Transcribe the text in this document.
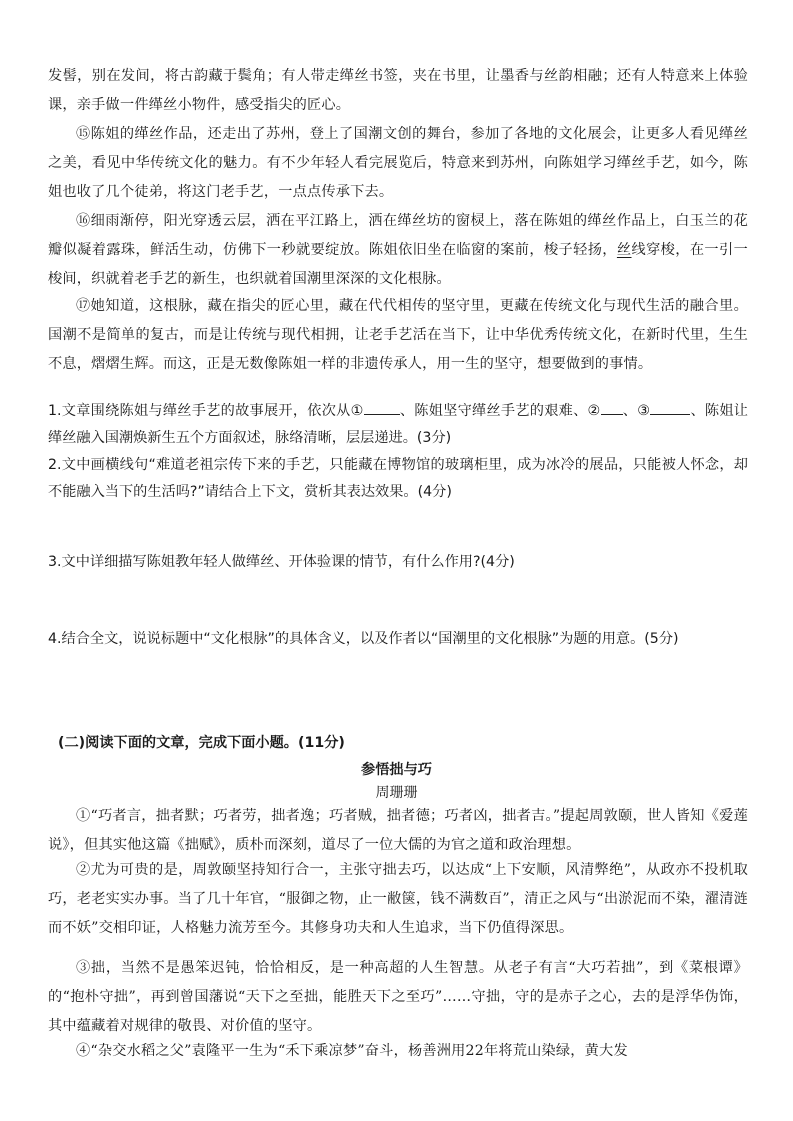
发髻，别在发间，将古韵藏于鬓角；有人带走缂丝书签，夹在书里，让墨香与丝韵相融；还有人特意来上体验课，亲手做一件缂丝小物件，感受指尖的匠心。

⑮陈姐的缂丝作品，还走出了苏州，登上了国潮文创的舞台，参加了各地的文化展会，让更多人看见缂丝之美，看见中华传统文化的魅力。有不少年轻人看完展览后，特意来到苏州，向陈姐学习缂丝手艺，如今，陈姐也收了几个徒弟，将这门老手艺，一点点传承下去。

⑯细雨渐停，阳光穿透云层，洒在平江路上，洒在缂丝坊的窗棂上，落在陈姐的缂丝作品上，白玉兰的花瓣似凝着露珠，鲜活生动，仿佛下一秒就要绽放。陈姐依旧坐在临窗的案前，梭子轻扬，丝线穿梭，在一引一梭间，织就着老手艺的新生，也织就着国潮里深深的文化根脉。

⑰她知道，这根脉，藏在指尖的匠心里，藏在代代相传的坚守里，更藏在传统文化与现代生活的融合里。国潮不是简单的复古，而是让传统与现代相拥，让老手艺活在当下，让中华优秀传统文化，在新时代里，生生不息，熠熠生辉。而这，正是无数像陈姐一样的非遗传承人，用一生的坚守，想要做到的事情。

1.文章围绕陈姐与缂丝手艺的故事展开，依次从①	、陈姐坚守缂丝手艺的艰难、② 、③	、陈姐让缂丝融入国潮焕新生五个方面叙述，脉络清晰，层层递进。(3分)

2.文中画横线句“难道老祖宗传下来的手艺，只能藏在博物馆的玻璃柜里，成为冰冷的展品，只能被人怀念，却不能融入当下的生活吗?”请结合上下文，赏析其表达效果。(4分)

3.文中详细描写陈姐教年轻人做缂丝、开体验课的情节，有什么作用?(4分)

4.结合全文，说说标题中“文化根脉”的具体含义，以及作者以“国潮里的文化根脉”为题的用意。(5分)

(二)阅读下面的文章，完成下面小题。(11分)
参悟拙与巧
周珊珊

①“巧者言，拙者默；巧者劳，拙者逸；巧者贼，拙者德；巧者凶，拙者吉。”提起周敦颐，世人皆知《爱莲说》，但其实他这篇《拙赋》，质朴而深刻，道尽了一位大儒的为官之道和政治理想。

②尤为可贵的是，周敦颐坚持知行合一，主张守拙去巧，以达成“上下安顺，风清弊绝”，从政亦不投机取巧，老老实实办事。当了几十年官，“服御之物，止一敝箧，钱不满数百”，清正之风与“出淤泥而不染，濯清涟而不妖”交相印证，人格魅力流芳至今。其修身功夫和人生追求，当下仍值得深思。

③拙，当然不是愚笨迟钝，恰恰相反，是一种高超的人生智慧。从老子有言“大巧若拙”，到《菜根谭》的“抱朴守拙”，再到曾国藩说“天下之至拙，能胜天下之至巧”……守拙，守的是赤子之心，去的是浮华伪饰，其中蕴藏着对规律的敬畏、对价值的坚守。

④“杂交水稻之父”袁隆平一生为“禾下乘凉梦”奋斗，杨善洲用22年将荒山染绿，黄大发
